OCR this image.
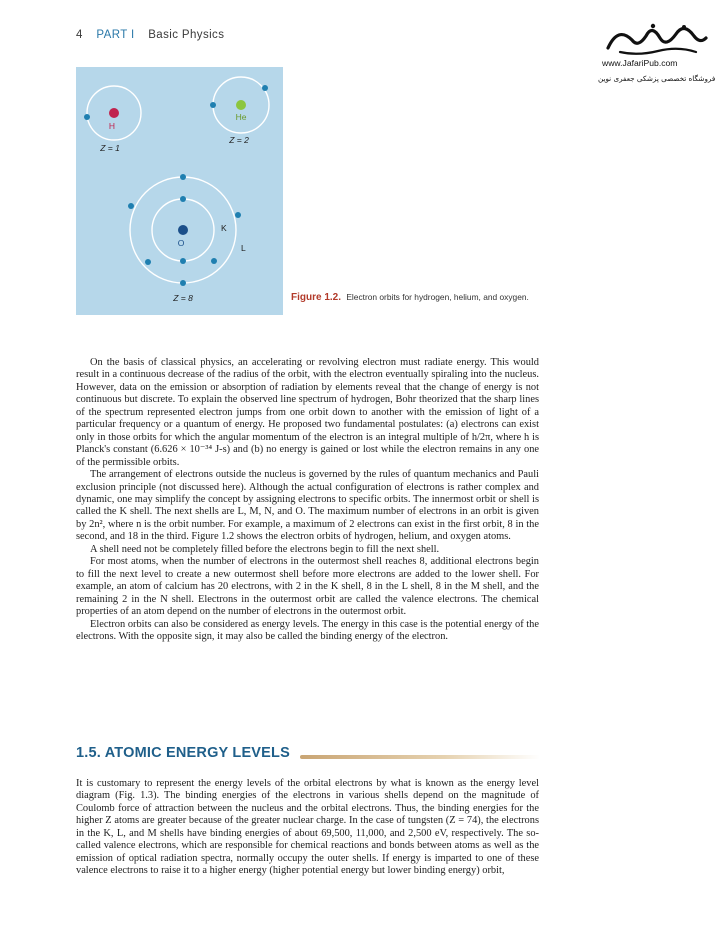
4 PART I Basic Physics
www.JafariPub.com
فروشگاه تخصصی پزشکی جعفری نوین
H
He
O
Z = 1
Z = 2
Z = 8
K
L
Figure 1.2. Electron orbits for hydrogen, helium, and oxygen.

On the basis of classical physics, an accelerating or revolving electron must radiate energy. This would result in a continuous decrease of the radius of the orbit, with the electron eventually spiraling into the nucleus. However, data on the emission or absorption of radiation by elements reveal that the change of energy is not continuous but discrete. To explain the observed line spectrum of hydrogen, Bohr theorized that the sharp lines of the spectrum represented electron jumps from one orbit down to another with the emission of light of a particular frequency or a quantum of energy. He proposed two fundamental postulates: (a) electrons can exist only in those orbits for which the angular momentum of the electron is an integral multiple of h/2π, where h is Planck's constant (6.626 × 10⁻³⁴ J-s) and (b) no energy is gained or lost while the electron remains in any one of the permissible orbits.

The arrangement of electrons outside the nucleus is governed by the rules of quantum mechanics and Pauli exclusion principle (not discussed here). Although the actual configuration of electrons is rather complex and dynamic, one may simplify the concept by assigning electrons to specific orbits. The innermost orbit or shell is called the K shell. The next shells are L, M, N, and O. The maximum number of electrons in an orbit is given by 2n², where n is the orbit number. For example, a maximum of 2 electrons can exist in the first orbit, 8 in the second, and 18 in the third. Figure 1.2 shows the electron orbits of hydrogen, helium, and oxygen atoms.

A shell need not be completely filled before the electrons begin to fill the next shell.

For most atoms, when the number of electrons in the outermost shell reaches 8, additional electrons begin to fill the next level to create a new outermost shell before more electrons are added to the lower shell. For example, an atom of calcium has 20 electrons, with 2 in the K shell, 8 in the L shell, 8 in the M shell, and the remaining 2 in the N shell. Electrons in the outermost orbit are called the valence electrons. The chemical properties of an atom depend on the number of electrons in the outermost orbit.

Electron orbits can also be considered as energy levels. The energy in this case is the potential energy of the electrons. With the opposite sign, it may also be called the binding energy of the electron.

1.5. ATOMIC ENERGY LEVELS

It is customary to represent the energy levels of the orbital electrons by what is known as the energy level diagram (Fig. 1.3). The binding energies of the electrons in various shells depend on the magnitude of Coulomb force of attraction between the nucleus and the orbital electrons. Thus, the binding energies for the higher Z atoms are greater because of the greater nuclear charge. In the case of tungsten (Z = 74), the electrons in the K, L, and M shells have binding energies of about 69,500, 11,000, and 2,500 eV, respectively. The so-called valence electrons, which are responsible for chemical reactions and bonds between atoms as well as the emission of optical radiation spectra, normally occupy the outer shells. If energy is imparted to one of these valence electrons to raise it to a higher energy (higher potential energy but lower binding energy) orbit,
